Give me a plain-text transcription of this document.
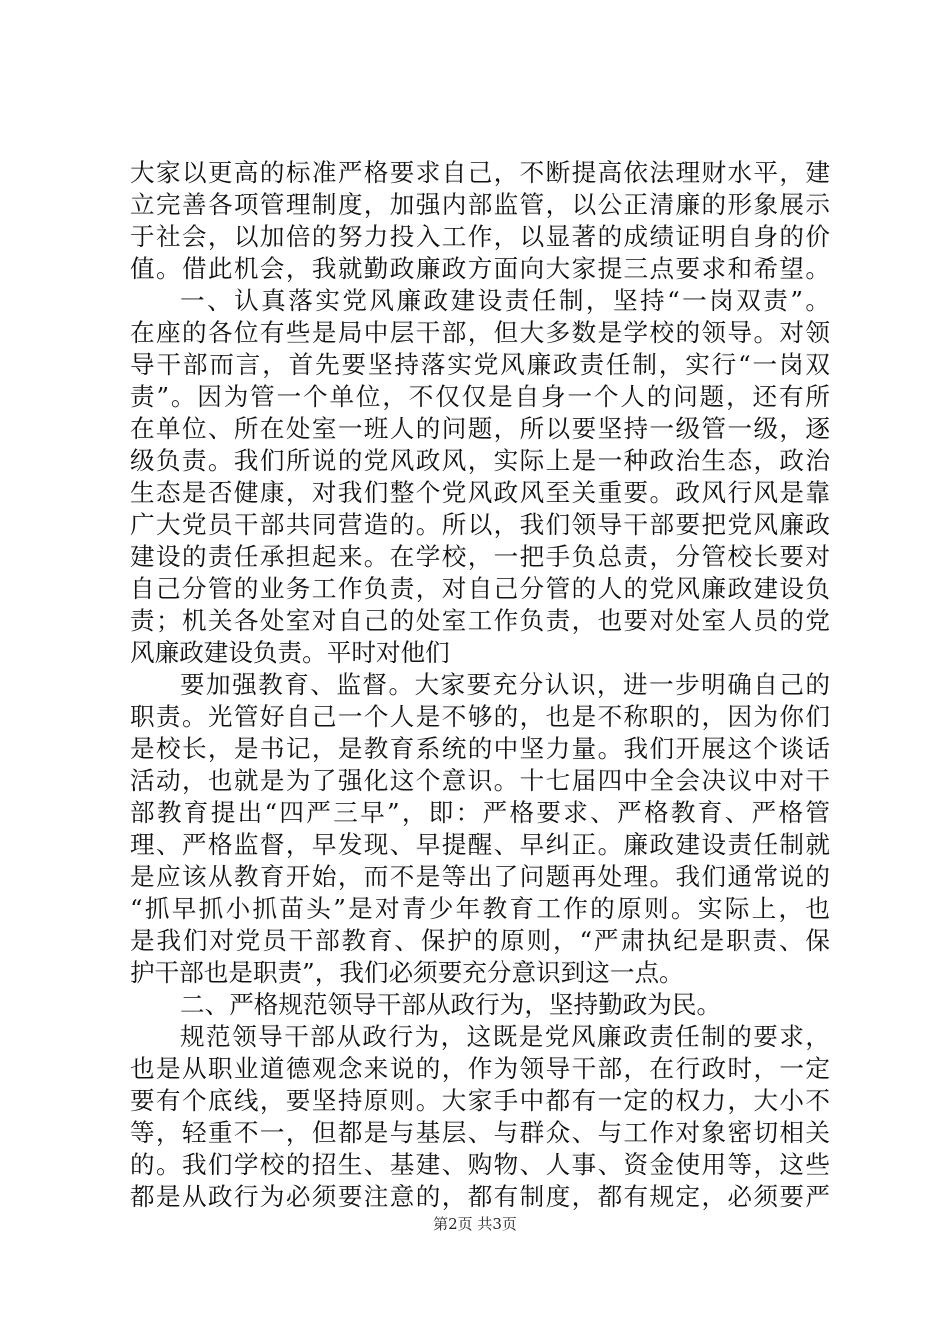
大家以更高的标准严格要求自己，不断提高依法理财水平，建
立完善各项管理制度，加强内部监管，以公正清廉的形象展示
于社会，以加倍的努力投入工作，以显著的成绩证明自身的价
值。借此机会，我就勤政廉政方面向大家提三点要求和希望。
一、认真落实党风廉政建设责任制，坚持“一岗双责”。
在座的各位有些是局中层干部，但大多数是学校的领导。对领
导干部而言，首先要坚持落实党风廉政责任制，实行“一岗双
责”。因为管一个单位，不仅仅是自身一个人的问题，还有所
在单位、所在处室一班人的问题，所以要坚持一级管一级，逐
级负责。我们所说的党风政风，实际上是一种政治生态，政治
生态是否健康，对我们整个党风政风至关重要。政风行风是靠
广大党员干部共同营造的。所以，我们领导干部要把党风廉政
建设的责任承担起来。在学校，一把手负总责，分管校长要对
自己分管的业务工作负责，对自己分管的人的党风廉政建设负
责；机关各处室对自己的处室工作负责，也要对处室人员的党
风廉政建设负责。平时对他们
要加强教育、监督。大家要充分认识，进一步明确自己的
职责。光管好自己一个人是不够的，也是不称职的，因为你们
是校长，是书记，是教育系统的中坚力量。我们开展这个谈话
活动，也就是为了强化这个意识。十七届四中全会决议中对干
部教育提出“四严三早”，即：严格要求、严格教育、严格管
理、严格监督，早发现、早提醒、早纠正。廉政建设责任制就
是应该从教育开始，而不是等出了问题再处理。我们通常说的
“抓早抓小抓苗头”是对青少年教育工作的原则。实际上，也
是我们对党员干部教育、保护的原则，“严肃执纪是职责、保
护干部也是职责”，我们必须要充分意识到这一点。
二、严格规范领导干部从政行为，坚持勤政为民。
规范领导干部从政行为，这既是党风廉政责任制的要求，
也是从职业道德观念来说的，作为领导干部，在行政时，一定
要有个底线，要坚持原则。大家手中都有一定的权力，大小不
等，轻重不一，但都是与基层、与群众、与工作对象密切相关
的。我们学校的招生、基建、购物、人事、资金使用等，这些
都是从政行为必须要注意的，都有制度，都有规定，必须要严
第2页 共3页
